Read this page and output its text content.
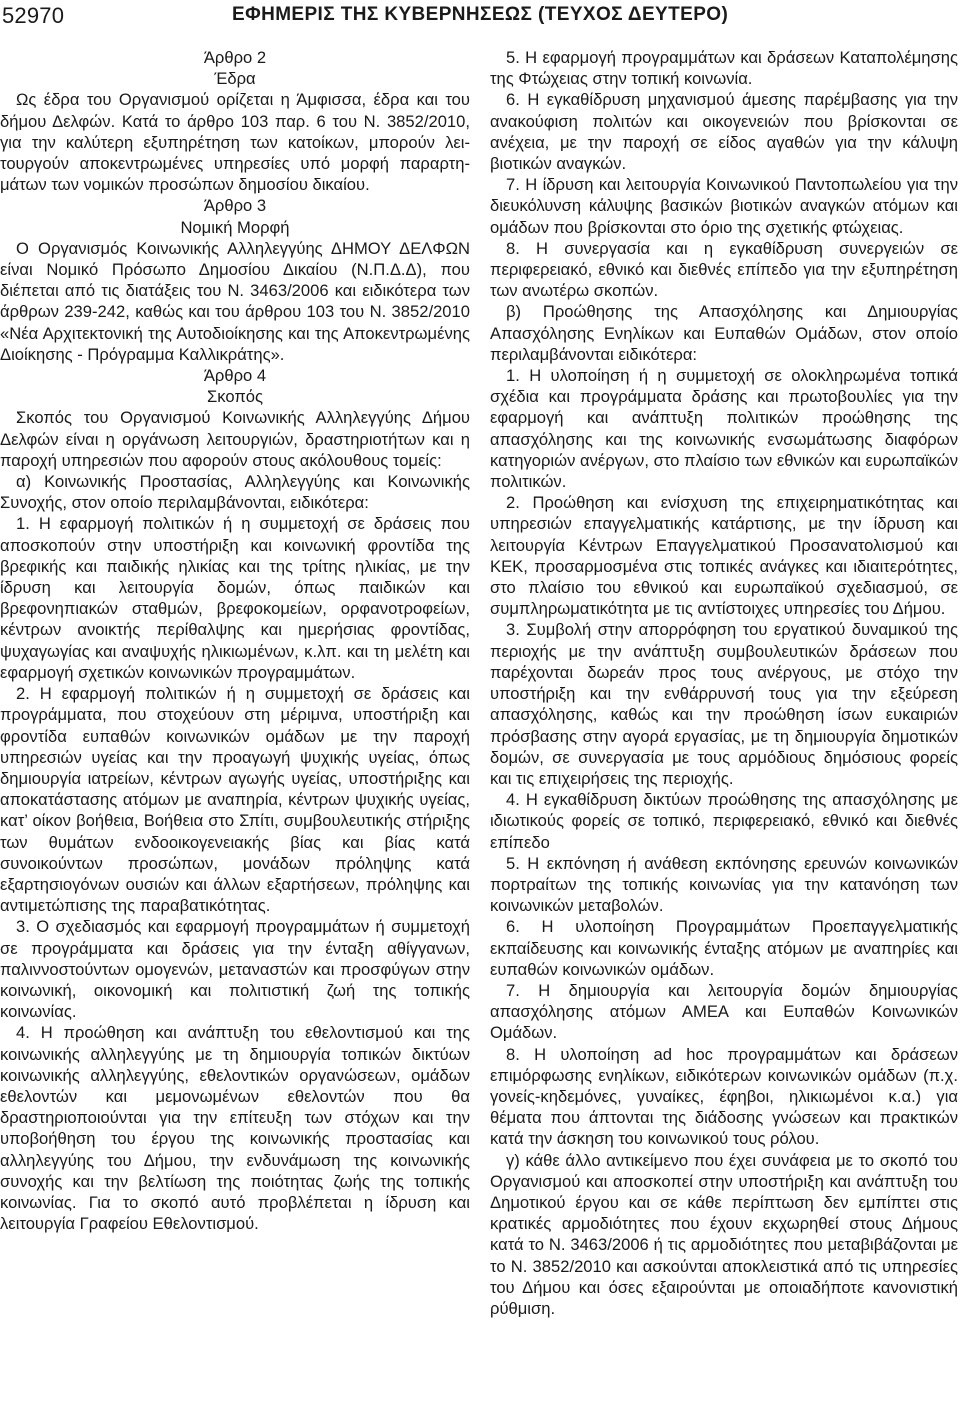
52970	ΕΦΗΜΕΡΙΣ ΤΗΣ ΚΥΒΕΡΝΗΣΕΩΣ (ΤΕΥΧΟΣ ΔΕΥΤΕΡΟ)

Άρθρο 2

Έδρα

Ως έδρα του Οργανισμού ορίζεται η Άμφισσα, έδρα και του δήμου Δελφών. Κατά το άρθρο 103 παρ. 6 του Ν. 3852/2010, για την καλύτερη εξυπηρέτηση των κατοίκων, μπορούν λειτουργούν αποκεντρωμένες υπηρεσίες υπό μορφή παραρτημάτων των νομικών προσώπων δημοσίου δικαίου.

Άρθρο 3

Νομική Μορφή

Ο Οργανισμός Κοινωνικής Αλληλεγγύης ΔΗΜΟΥ ΔΕΛΦΩΝ είναι Νομικό Πρόσωπο Δημοσίου Δικαίου (Ν.Π.Δ.Δ), που διέπεται από τις διατάξεις του Ν. 3463/2006 και ειδικότερα των άρθρων 239-242, καθώς και του άρθρου 103 του Ν. 3852/2010 «Νέα Αρχιτεκτονική της Αυτοδιοίκησης και της Αποκεντρωμένης Διοίκησης - Πρόγραμμα Καλλικράτης».

Άρθρο 4

Σκοπός

Σκοπός του Οργανισμού Κοινωνικής Αλληλεγγύης Δήμου Δελφών είναι η οργάνωση λειτουργιών, δραστηριοτήτων και η παροχή υπηρεσιών που αφορούν στους ακόλουθους τομείς:

α) Κοινωνικής Προστασίας, Αλληλεγγύης και Κοινωνικής Συνοχής, στον οποίο περιλαμβάνονται, ειδικότερα:

1. Η εφαρμογή πολιτικών ή η συμμετοχή σε δράσεις που αποσκοπούν στην υποστήριξη και κοινωνική φροντίδα της βρεφικής και παιδικής ηλικίας και της τρίτης ηλικίας, με την ίδρυση και λειτουργία δομών, όπως παιδικών και βρεφονηπιακών σταθμών, βρεφοκομείων, ορφανοτροφείων, κέντρων ανοικτής περίθαλψης και ημερήσιας φροντίδας, ψυχαγωγίας και αναψυχής ηλικιωμένων, κ.λπ. και τη μελέτη και εφαρμογή σχετικών κοινωνικών προγραμμάτων.

2. Η εφαρμογή πολιτικών ή η συμμετοχή σε δράσεις και προγράμματα, που στοχεύουν στη μέριμνα, υποστήριξη και φροντίδα ευπαθών κοινωνικών ομάδων με την παροχή υπηρεσιών υγείας και την προαγωγή ψυχικής υγείας, όπως δημιουργία ιατρείων, κέντρων αγωγής υγείας, υποστήριξης και αποκατάστασης ατόμων με αναπηρία, κέντρων ψυχικής υγείας, κατ’ οίκον βοήθεια, Βοήθεια στο Σπίτι, συμβουλευτικής στήριξης των θυμάτων ενδοοικογενειακής βίας και βίας κατά συνοικούντων προσώπων, μονάδων πρόληψης κατά εξαρτησιογόνων ουσιών και άλλων εξαρτήσεων, πρόληψης και αντιμετώπισης της παραβατικότητας.

3. Ο σχεδιασμός και εφαρμογή προγραμμάτων ή συμμετοχή σε προγράμματα και δράσεις για την ένταξη αθίγγανων, παλιννοστούντων ομογενών, μεταναστών και προσφύγων στην κοινωνική, οικονομική και πολιτιστική ζωή της τοπικής κοινωνίας.

4. Η προώθηση και ανάπτυξη του εθελοντισμού και της κοινωνικής αλληλεγγύης με τη δημιουργία τοπικών δικτύων κοινωνικής αλληλεγγύης, εθελοντικών οργανώσεων, ομάδων εθελοντών και μεμονωμένων εθελοντών που θα δραστηριοποιούνται για την επίτευξη των στόχων και την υποβοήθηση του έργου της κοινωνικής προστασίας και αλληλεγγύης του Δήμου, την ενδυνάμωση της κοινωνικής συνοχής και την βελτίωση της ποιότητας ζωής της τοπικής κοινωνίας. Για το σκοπό αυτό προβλέπεται η ίδρυση και λειτουργία Γραφείου Εθελοντισμού.

5. Η εφαρμογή προγραμμάτων και δράσεων Καταπολέμησης της Φτώχειας στην τοπική κοινωνία.

6. Η εγκαθίδρυση μηχανισμού άμεσης παρέμβασης για την ανακούφιση πολιτών και οικογενειών που βρίσκονται σε ανέχεια, με την παροχή σε είδος αγαθών για την κάλυψη βιοτικών αναγκών.

7. Η ίδρυση και λειτουργία Κοινωνικού Παντοπωλείου για την διευκόλυνση κάλυψης βασικών βιοτικών αναγκών ατόμων και ομάδων που βρίσκονται στο όριο της σχετικής φτώχειας.

8. Η συνεργασία και η εγκαθίδρυση συνεργειών σε περιφερειακό, εθνικό και διεθνές επίπεδο για την εξυπηρέτηση των ανωτέρω σκοπών.

β) Προώθησης της Απασχόλησης και Δημιουργίας Απασχόλησης Ενηλίκων και Ευπαθών Ομάδων, στον οποίο περιλαμβάνονται ειδικότερα:

1. Η υλοποίηση ή η συμμετοχή σε ολοκληρωμένα τοπικά σχέδια και προγράμματα δράσης και πρωτοβουλίες για την εφαρμογή και ανάπτυξη πολιτικών προώθησης της απασχόλησης και της κοινωνικής ενσωμάτωσης διαφόρων κατηγοριών ανέργων, στο πλαίσιο των εθνικών και ευρωπαϊκών πολιτικών.

2. Προώθηση και ενίσχυση της επιχειρηματικότητας και υπηρεσιών επαγγελματικής κατάρτισης, με την ίδρυση και λειτουργία Κέντρων Επαγγελματικού Προσανατολισμού και ΚΕΚ, προσαρμοσμένα στις τοπικές ανάγκες και ιδιαιτερότητες, στο πλαίσιο του εθνικού και ευρωπαϊκού σχεδιασμού, σε συμπληρωματικότητα με τις αντίστοιχες υπηρεσίες του Δήμου.

3. Συμβολή στην απορρόφηση του εργατικού δυναμικού της περιοχής με την ανάπτυξη συμβουλευτικών δράσεων που παρέχονται δωρεάν προς τους ανέργους, με στόχο την υποστήριξη και την ενθάρρυνσή τους για την εξεύρεση απασχόλησης, καθώς και την προώθηση ίσων ευκαιριών πρόσβασης στην αγορά εργασίας, με τη δημιουργία δημοτικών δομών, σε συνεργασία με τους αρμόδιους δημόσιους φορείς και τις επιχειρήσεις της περιοχής.

4. Η εγκαθίδρυση δικτύων προώθησης της απασχόλησης με ιδιωτικούς φορείς σε τοπικό, περιφερειακό, εθνικό και διεθνές επίπεδο

5. Η εκπόνηση ή ανάθεση εκπόνησης ερευνών κοινωνικών πορτραίτων της τοπικής κοινωνίας για την κατανόηση των κοινωνικών μεταβολών.

6. Η υλοποίηση Προγραμμάτων Προεπαγγελματικής εκπαίδευσης και κοινωνικής ένταξης ατόμων με αναπηρίες και ευπαθών κοινωνικών ομάδων.

7. Η δημιουργία και λειτουργία δομών δημιουργίας απασχόλησης ατόμων ΑΜΕΑ και Ευπαθών Κοινωνικών Ομάδων.

8. Η υλοποίηση ad hoc προγραμμάτων και δράσεων επιμόρφωσης ενηλίκων, ειδικότερων κοινωνικών ομάδων (π.χ. γονείς-κηδεμόνες, γυναίκες, έφηβοι, ηλικιωμένοι κ.α.) για θέματα που άπτονται της διάδοσης γνώσεων και πρακτικών κατά την άσκηση του κοινωνικού τους ρόλου.

γ) κάθε άλλο αντικείμενο που έχει συνάφεια με το σκοπό του Οργανισμού και αποσκοπεί στην υποστήριξη και ανάπτυξη του Δημοτικού έργου και σε κάθε περίπτωση δεν εμπίπτει στις κρατικές αρμοδιότητες που έχουν εκχωρηθεί στους Δήμους κατά το Ν. 3463/2006 ή τις αρμοδιότητες που μεταβιβάζονται με το Ν. 3852/2010 και ασκούνται αποκλειστικά από τις υπηρεσίες του Δήμου και όσες εξαιρούνται με οποιαδήποτε κανονιστική ρύθμιση.
